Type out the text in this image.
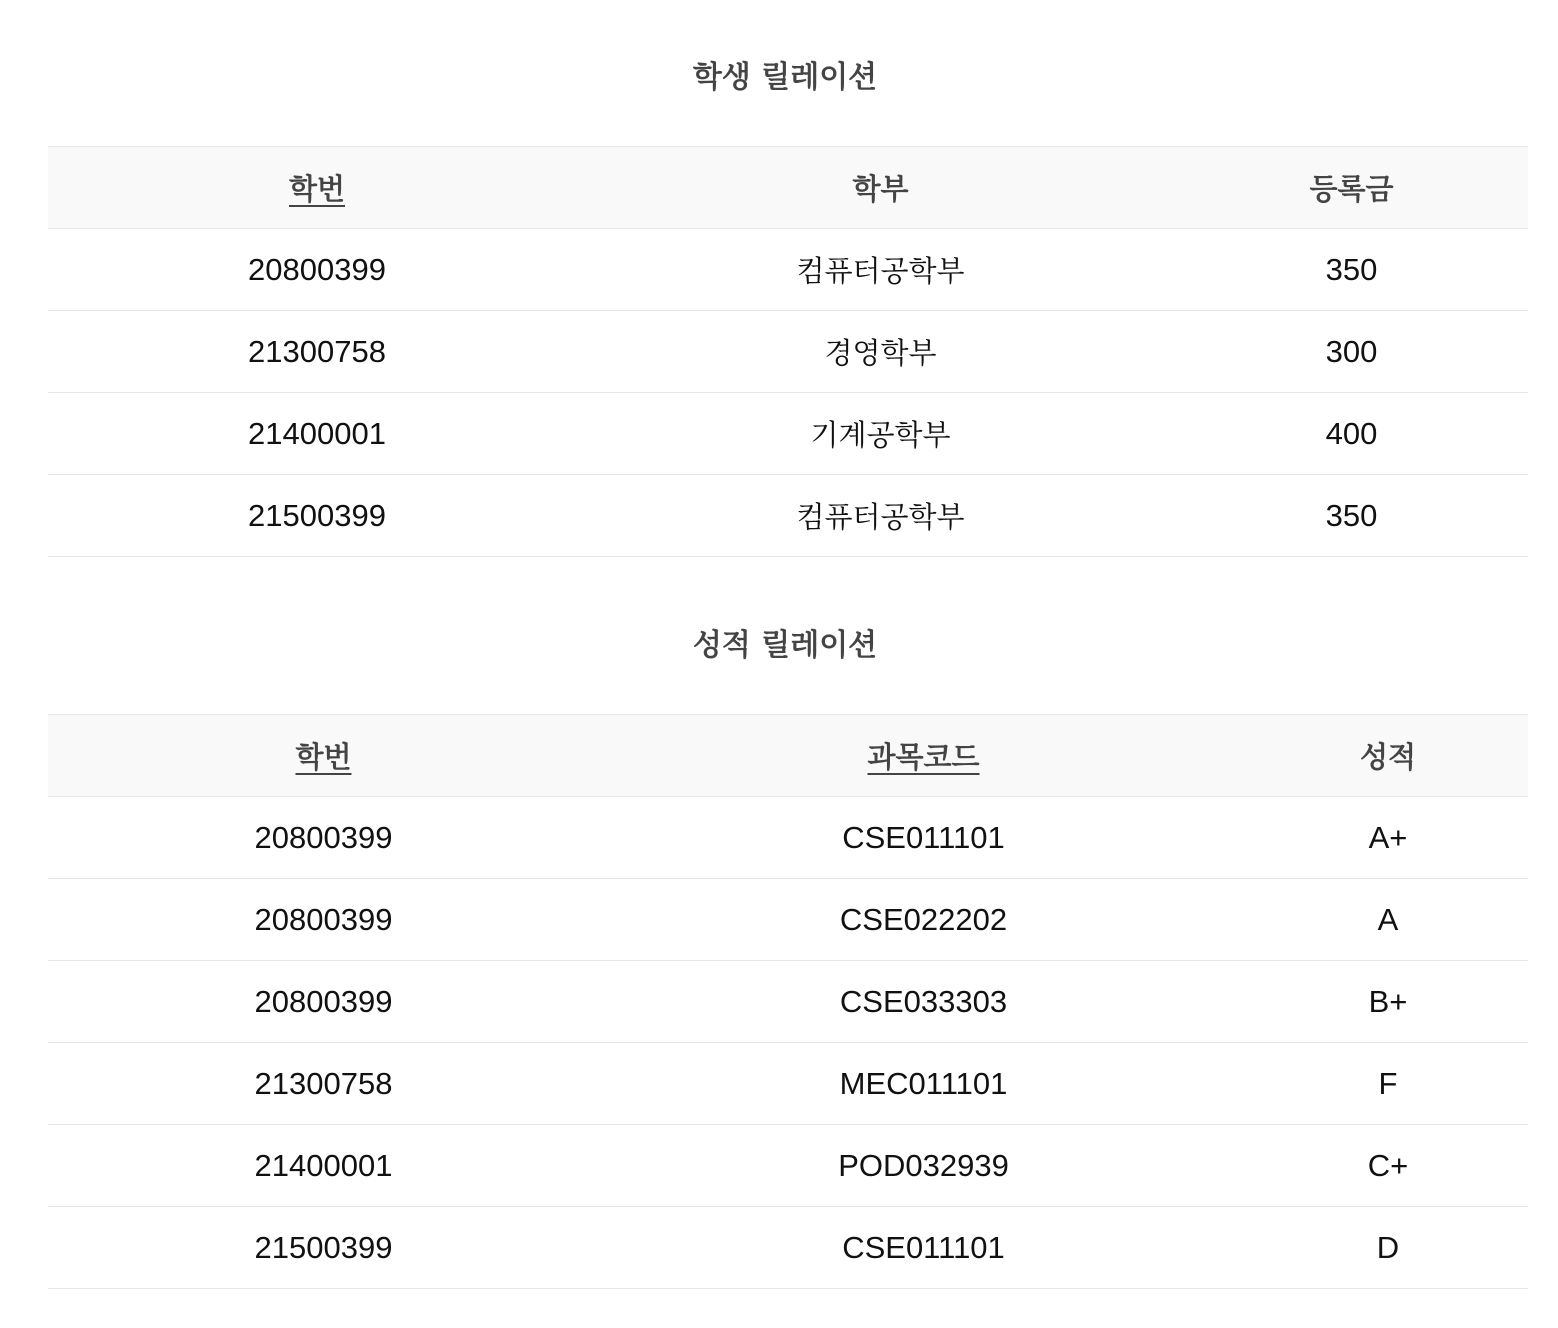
학생 릴레이션
학번	학부	등록금
20800399	컴퓨터공학부	350
21300758	경영학부	300
21400001	기계공학부	400
21500399	컴퓨터공학부	350
성적 릴레이션
학번	과목코드	성적
20800399	CSE011101	A+
20800399	CSE022202	A
20800399	CSE033303	B+
21300758	MEC011101	F
21400001	POD032939	C+
21500399	CSE011101	D
